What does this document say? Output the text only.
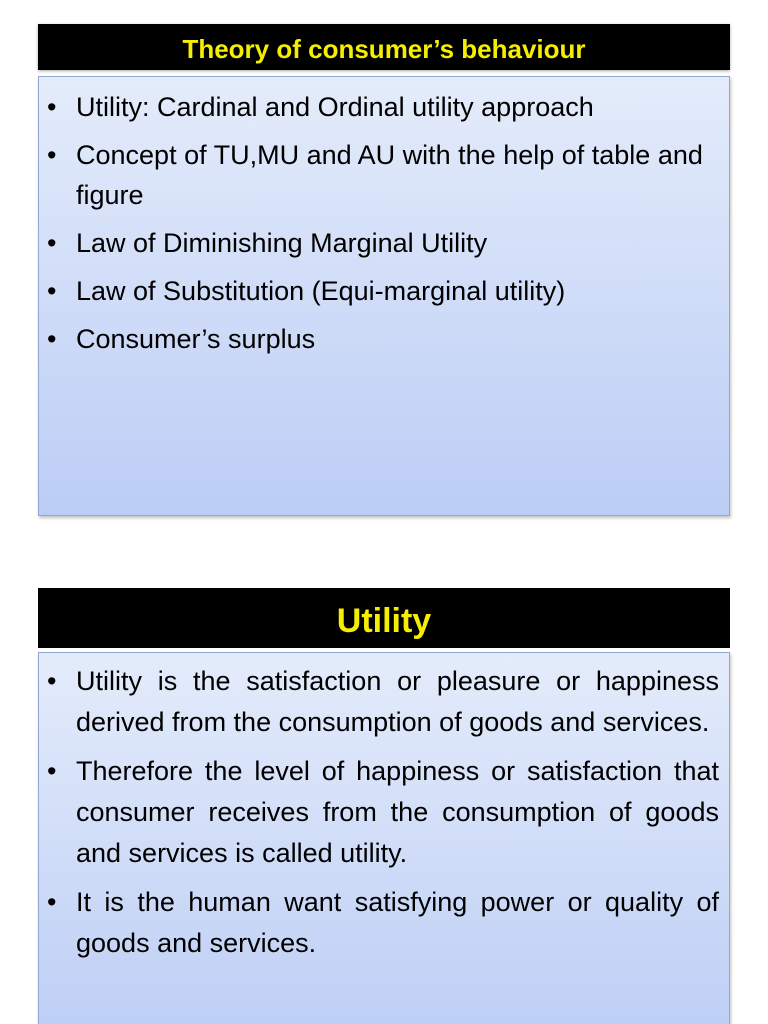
Theory of consumer’s behaviour
• Utility: Cardinal and Ordinal utility approach
• Concept of TU,MU and AU with the help of table and figure
• Law of Diminishing Marginal Utility
• Law of Substitution (Equi-marginal utility)
• Consumer’s surplus
Utility
• Utility is the satisfaction or pleasure or happiness derived from the consumption of goods and services.
• Therefore the level of happiness or satisfaction that consumer receives from the consumption of goods and services is called utility.
• It is the human want satisfying power or quality of goods and services.
